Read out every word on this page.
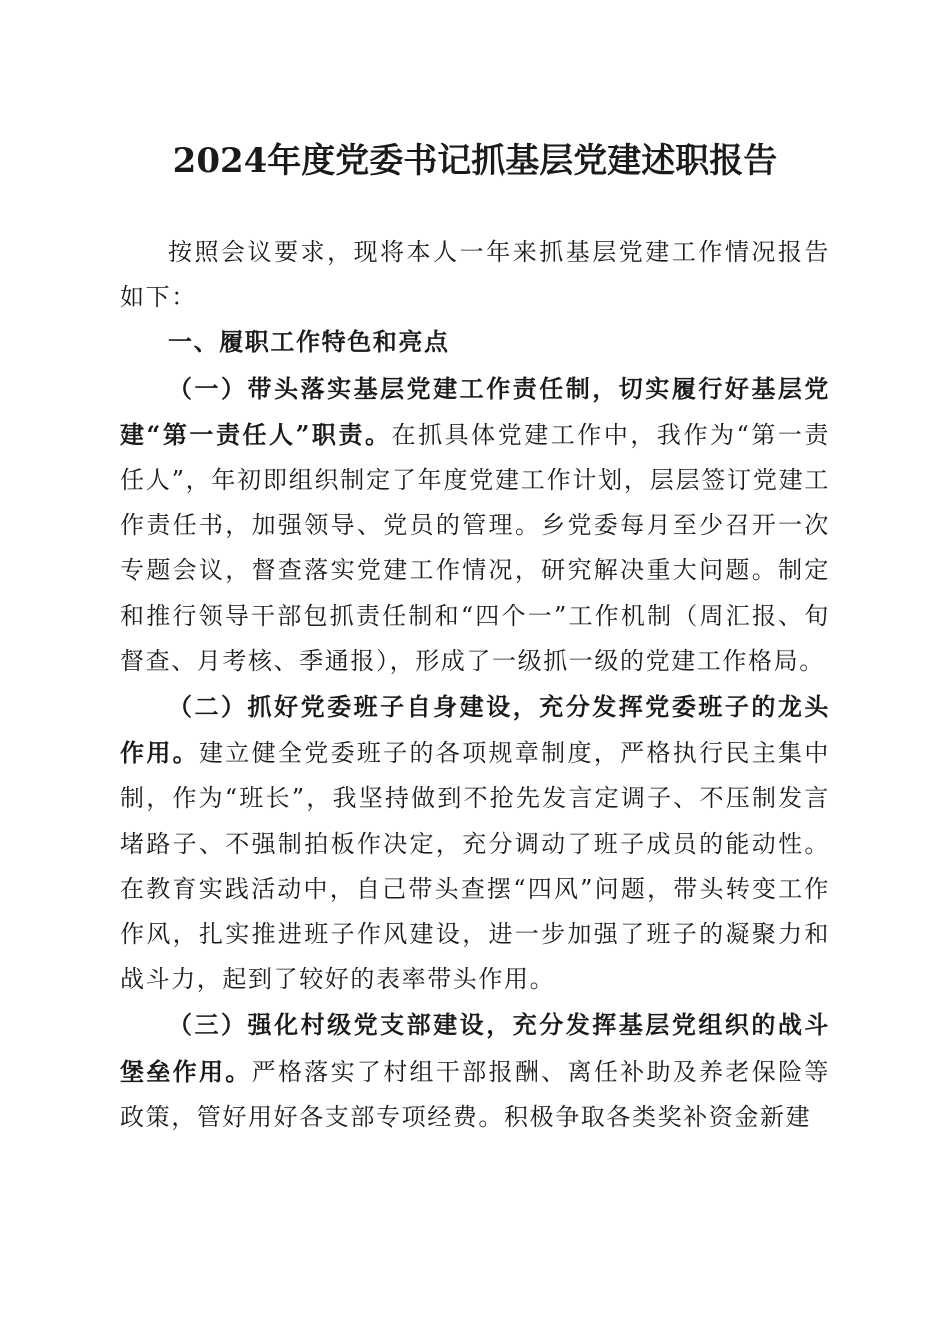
2024年度党委书记抓基层党建述职报告

按照会议要求，现将本人一年来抓基层党建工作情况报告如下：

一、履职工作特色和亮点

（一）带头落实基层党建工作责任制，切实履行好基层党建“第一责任人”职责。在抓具体党建工作中，我作为“第一责任人”，年初即组织制定了年度党建工作计划，层层签订党建工作责任书，加强领导、党员的管理。乡党委每月至少召开一次专题会议，督查落实党建工作情况，研究解决重大问题。制定和推行领导干部包抓责任制和“四个一”工作机制（周汇报、旬督查、月考核、季通报），形成了一级抓一级的党建工作格局。

（二）抓好党委班子自身建设，充分发挥党委班子的龙头作用。建立健全党委班子的各项规章制度，严格执行民主集中制，作为“班长”，我坚持做到不抢先发言定调子、不压制发言堵路子、不强制拍板作决定，充分调动了班子成员的能动性。在教育实践活动中，自己带头查摆“四风”问题，带头转变工作作风，扎实推进班子作风建设，进一步加强了班子的凝聚力和战斗力，起到了较好的表率带头作用。

（三）强化村级党支部建设，充分发挥基层党组织的战斗堡垒作用。严格落实了村组干部报酬、离任补助及养老保险等政策，管好用好各支部专项经费。积极争取各类奖补资金新建
